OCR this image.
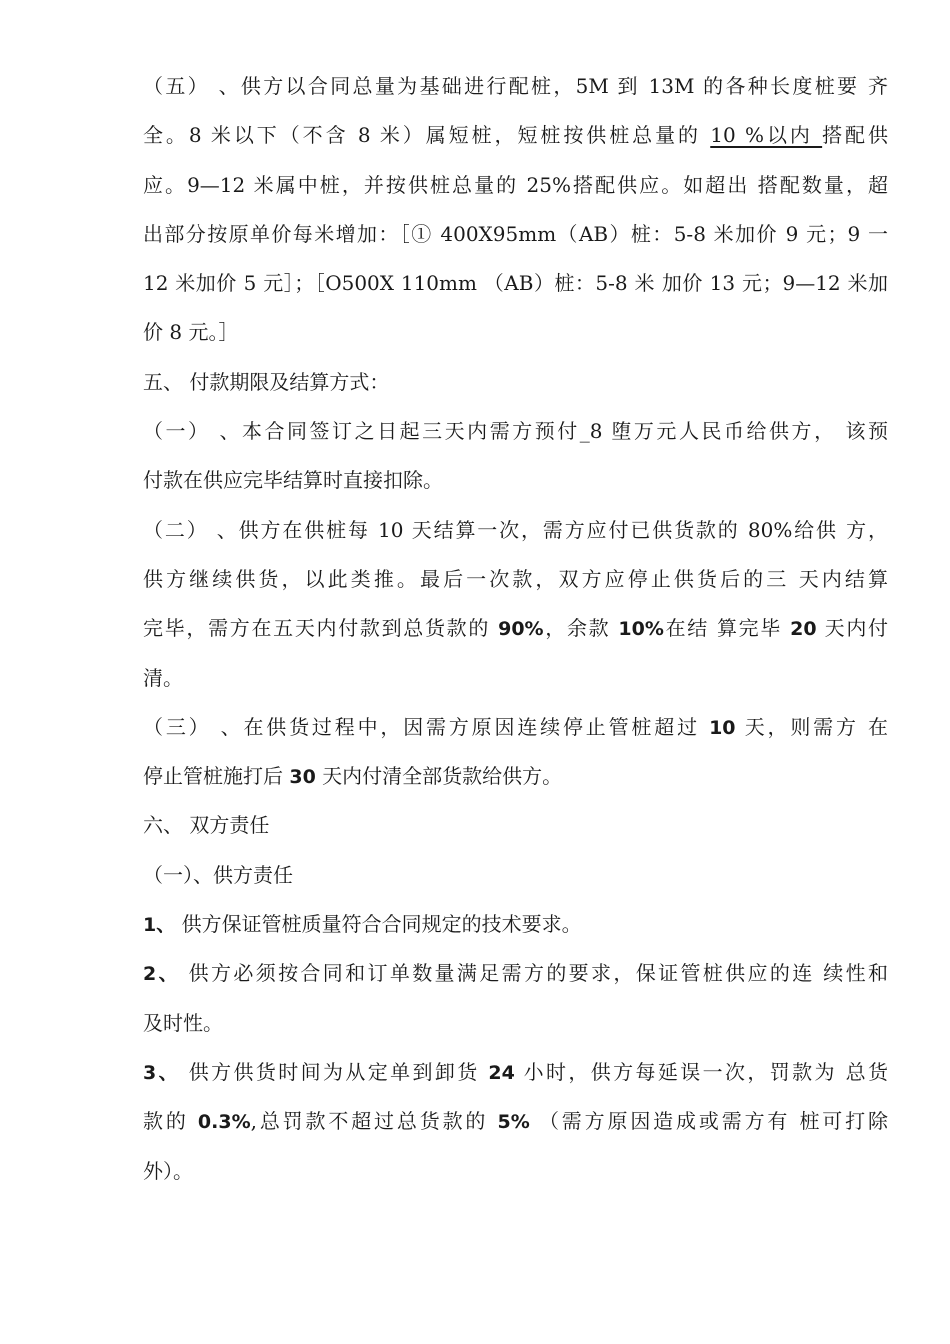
（五） 、供方以合同总量为基础进行配桩，5M 到 13M 的各种长度桩要 齐
全。8 米以下（不含 8 米）属短桩，短桩按供桩总量的 10 %以内 搭配供
应。9—12 米属中桩，并按供桩总量的 25%搭配供应。如超出 搭配数量，超
出部分按原单价每米增加：［① 400X95mm（AB）桩：5-8 米加价 9 元；9 一
12 米加价 5 元］；［O500X 110mm （AB）桩：5-8 米 加价 13 元；9—12 米加
价 8 元。］
五、 付款期限及结算方式：
（一） 、本合同签订之日起三天内需方预付_8 堕万元人民币给供方， 该预
付款在供应完毕结算时直接扣除。
（二） 、供方在供桩每 10 天结算一次，需方应付已供货款的 80%给供 方，
供方继续供货，以此类推。最后一次款，双方应停止供货后的三 天内结算
完毕，需方在五天内付款到总货款的 90%，余款 10%在结 算完毕 20 天内付
清。
（三） 、在供货过程中，因需方原因连续停止管桩超过 10 天，则需方 在
停止管桩施打后 30 天内付清全部货款给供方。
六、 双方责任
（一）、供方责任
1、 供方保证管桩质量符合合同规定的技术要求。
2、 供方必须按合同和订单数量满足需方的要求，保证管桩供应的连 续性和
及时性。
3、 供方供货时间为从定单到卸货 24 小时，供方每延误一次，罚款为 总货
款的 0.3%,总罚款不超过总货款的 5% （需方原因造成或需方有 桩可打除
外）。
